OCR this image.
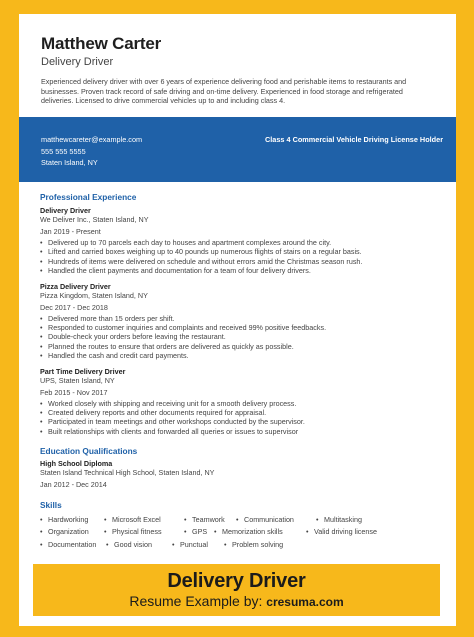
Matthew Carter
Delivery Driver
Experienced delivery driver with over 6 years of experience delivering food and perishable items to restaurants and businesses. Proven track record of safe driving and on-time delivery. Experienced in food storage and refrigerated deliveries. Licensed to drive commercial vehicles up to and including class 4.
matthewcareter@example.com
555 555 5555
Staten Island, NY
Class 4 Commercial Vehicle Driving License Holder
Professional Experience
Delivery Driver
We Deliver Inc., Staten Island, NY
Jan 2019 - Present
• Delivered up to 70 parcels each day to houses and apartment complexes around the city.
• Lifted and carried boxes weighing up to 40 pounds up numerous flights of stairs on a regular basis.
• Hundreds of items were delivered on schedule and without errors amid the Christmas season rush.
• Handled the client payments and documentation for a team of four delivery drivers.
Pizza Delivery Driver
Pizza Kingdom, Staten Island, NY
Dec 2017 - Dec 2018
• Delivered more than 15 orders per shift.
• Responded to customer inquiries and complaints and received 99% positive feedbacks.
• Double-check your orders before leaving the restaurant.
• Planned the routes to ensure that orders are delivered as quickly as possible.
• Handled the cash and credit card payments.
Part Time Delivery Driver
UPS, Staten Island, NY
Feb 2015 - Nov 2017
• Worked closely with shipping and receiving unit for a smooth delivery process.
• Created delivery reports and other documents required for appraisal.
• Participated in team meetings and other workshops conducted by the supervisor.
• Built relationships with clients and forwarded all queries or issues to supervisor
Education Qualifications
High School Diploma
Staten Island Technical High School, Staten Island, NY
Jan 2012 - Dec 2014
Skills
• Hardworking	• Microsoft Excel	• Teamwork	• Communication	• Multitasking
• Organization	• Physical fitness	• GPS	• Memorization skills	• Valid driving license
• Documentation	• Good vision	• Punctual	• Problem solving
Delivery Driver
Resume Example by: cresuma.com
